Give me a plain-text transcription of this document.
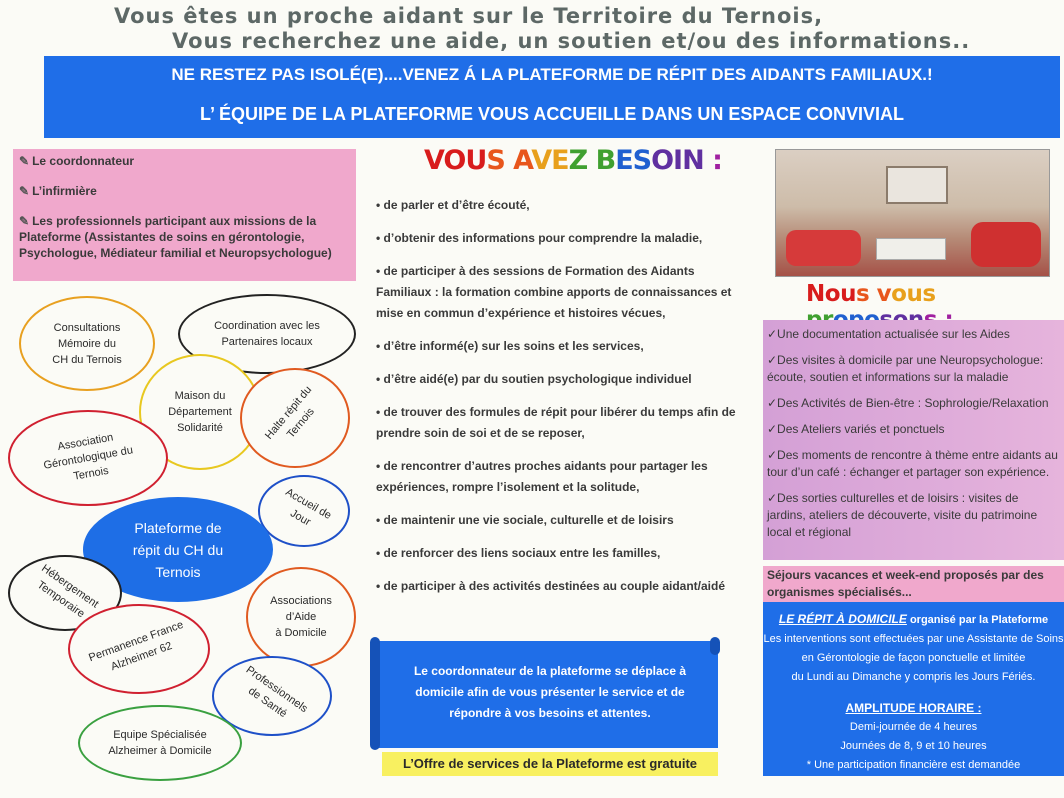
Vous êtes un proche aidant sur le Territoire du Ternois,
Vous recherchez une aide, un soutien et/ou des informations..
NE RESTEZ PAS ISOLÉ(E)....VENEZ Á LA PLATEFORME DE RÉPIT DES AIDANTS FAMILIAUX.!
L’ ÉQUIPE DE LA PLATEFORME VOUS ACCUEILLE DANS UN ESPACE CONVIVIAL
✎ Le coordonnateur
✎ L’infirmière
✎ Les professionnels participant aux missions de la Plateforme (Assistantes de soins en gérontologie, Psychologue, Médiateur familial et Neuropsychologue)
Consultations
Mémoire du
CH du Ternois
Coordination avec les
Partenaires locaux
Maison du
Département
Solidarité	Halte répit du
Ternois
Association
Gérontologique du
Ternois
Accueil de
Jour
Plateforme de
répit du CH du
Ternois
Hébergement
Temporaire	Associations
d’Aide
à Domicile
Permanence France
Alzheimer 62
Professionnels
de Santé
Equipe Spécialisée
Alzheimer à Domicile
VOUS AVEZ BESOIN :
• de parler et d’être écouté,
• d’obtenir des informations pour comprendre la maladie,
• de participer à des sessions de Formation des Aidants Familiaux : la formation combine apports de connaissances et mise en commun d’expérience et histoires vécues,
• d’être informé(e) sur les soins et les services,
• d’être aidé(e) par du soutien psychologique individuel
• de trouver des formules de répit pour libérer du temps afin de prendre soin de soi et de se reposer,
• de rencontrer d’autres proches aidants pour partager les expériences, rompre l’isolement et la solitude,
• de maintenir une vie sociale, culturelle et de loisirs
• de renforcer des liens sociaux entre les familles,
• de participer à des activités destinées au couple aidant/aidé
Le coordonnateur de la plateforme se déplace à domicile afin de vous présenter le service et de répondre à vos besoins et attentes.
L’Offre de services de la Plateforme est gratuite
Nous vous
✓Une documentation actualisée sur les Aides
✓Des visites à domicile par une Neuropsychologue: écoute, soutien et informations sur la maladie
✓Des Activités de Bien-être : Sophrologie/Relaxation
✓Des Ateliers variés et ponctuels
✓Des moments de rencontre à thème entre aidants au tour d’un café : échanger et partager son expérience.
✓Des sorties culturelles et de loisirs : visites de jardins, ateliers de découverte, visite du patrimoine local et régional
Séjours vacances et week-end proposés par des organismes spécialisés...
LE RÉPIT À DOMICILE organisé par la Plateforme
Les interventions sont effectuées par une Assistante de Soins
en Gérontologie de façon ponctuelle et limitée
du Lundi au Dimanche y compris les Jours Fériés.
AMPLITUDE HORAIRE :
Demi-journée de 4 heures
Journées de 8, 9 et 10 heures
* Une participation financière est demandée
